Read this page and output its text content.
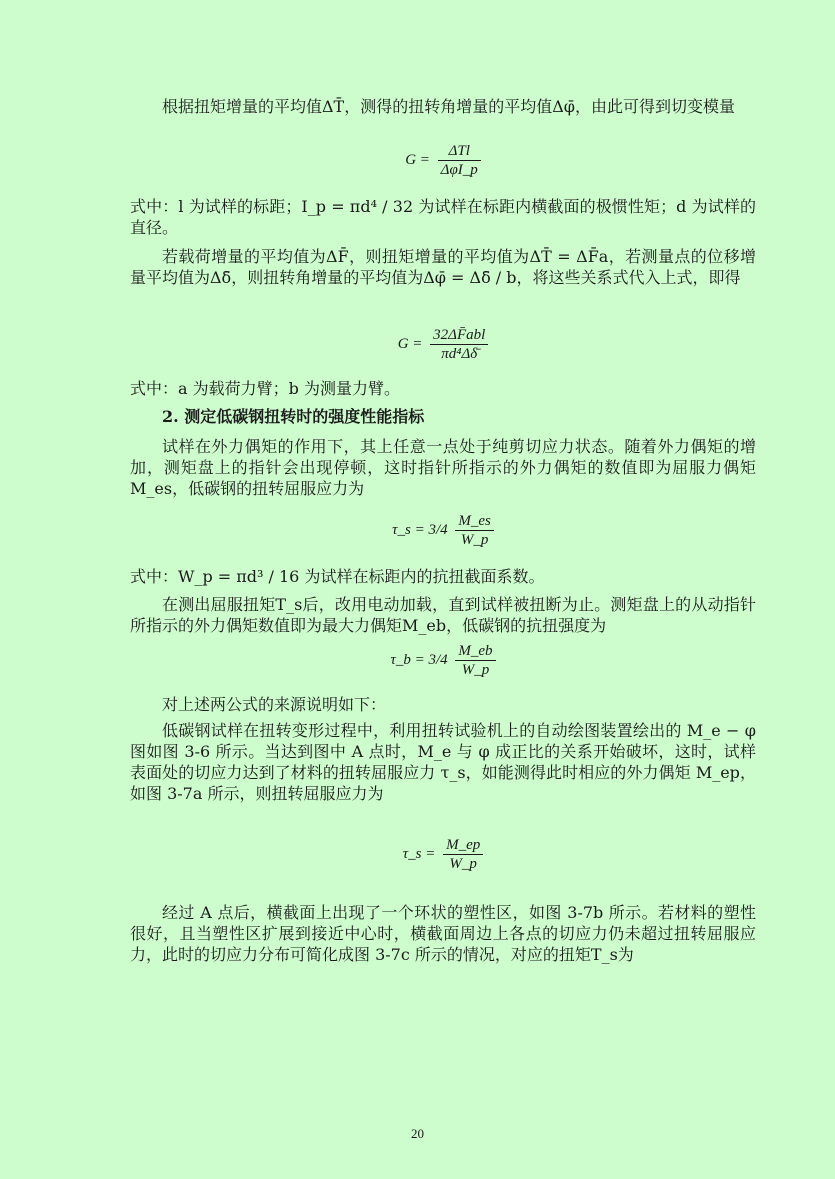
根据扭矩增量的平均值ΔT̄，测得的扭转角增量的平均值Δφ̄，由此可得到切变模量

$G = \frac{\text{ΔTl}}{\text{ΔφI\_p}}$

式中：l 为试样的标距；I_p = πd⁴ / 32 为试样在标距内横截面的极惯性矩；d 为试样的直径。

若载荷增量的平均值为ΔF̄，则扭矩增量的平均值为ΔT̄ = ΔF̄a，若测量点的位移增量平均值为Δδ̄，则扭转角增量的平均值为Δφ̄ = Δδ̄ / b，将这些关系式代入上式，即得

$G = \frac{\text{32ΔF̄abl}}{\text{πd⁴Δδ̄}}$

式中：a 为载荷力臂；b 为测量力臂。

2. 测定低碳钢扭转时的强度性能指标

试样在外力偶矩的作用下，其上任意一点处于纯剪切应力状态。随着外力偶矩的增加，测矩盘上的指针会出现停顿，这时指针所指示的外力偶矩的数值即为屈服力偶矩 M_es，低碳钢的扭转屈服应力为

τ_s = $3/4 \frac{M\_es}{W\_p}$

式中：W_p = πd³ / 16 为试样在标距内的抗扭截面系数。

在测出屈服扭矩T_s后，改用电动加载，直到试样被扭断为止。测矩盘上的从动指针所指示的外力偶矩数值即为最大力偶矩M_eb，低碳钢的抗扭强度为

τ_b = $3/4 \frac{M\_eb}{W\_p}$

对上述两公式的来源说明如下：

低碳钢试样在扭转变形过程中，利用扭转试验机上的自动绘图装置绘出的 M_e − φ 图如图 3-6 所示。当达到图中 A 点时，M_e 与 φ 成正比的关系开始破坏，这时，试样表面处的切应力达到了材料的扭转屈服应力 τ_s，如能测得此时相应的外力偶矩 M_ep，如图 3-7a 所示，则扭转屈服应力为

τ_s = $\frac{M\_ep}{W\_p}$

经过 A 点后，横截面上出现了一个环状的塑性区，如图 3-7b 所示。若材料的塑性很好，且当塑性区扩展到接近中心时，横截面周边上各点的切应力仍未超过扭转屈服应力，此时的切应力分布可简化成图 3-7c 所示的情况，对应的扭矩T_s为

20
